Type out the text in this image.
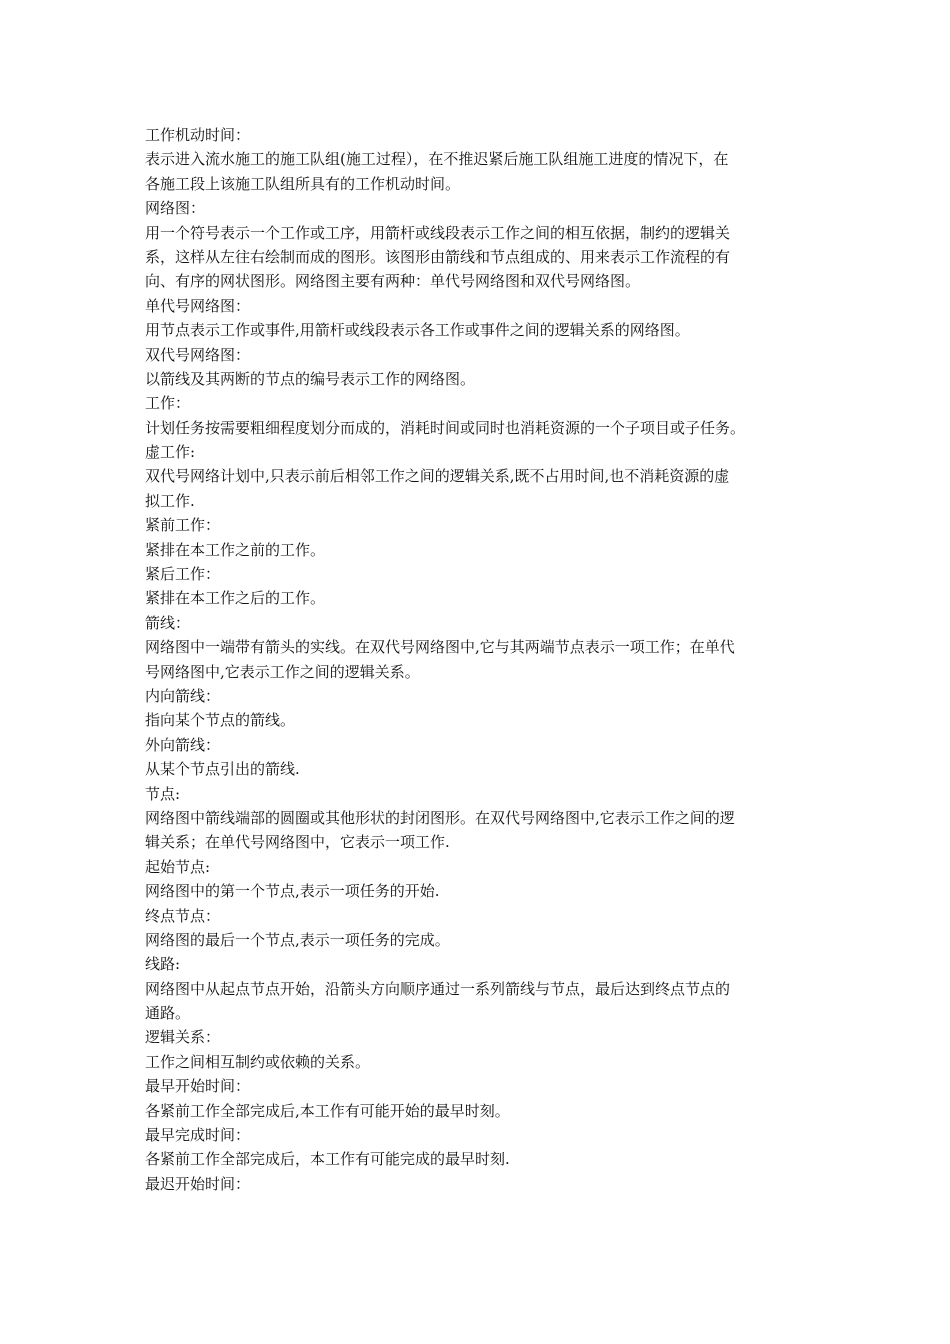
工作机动时间：
表示进入流水施工的施工队组(施工过程），在不推迟紧后施工队组施工进度的情况下，在
各施工段上该施工队组所具有的工作机动时间。
网络图：
用一个符号表示一个工作或工序，用箭杆或线段表示工作之间的相互依据，制约的逻辑关
系，这样从左往右绘制而成的图形。该图形由箭线和节点组成的、用来表示工作流程的有
向、有序的网状图形。网络图主要有两种：单代号网络图和双代号网络图。
单代号网络图：
用节点表示工作或事件,用箭杆或线段表示各工作或事件之间的逻辑关系的网络图。
双代号网络图：
以箭线及其两断的节点的编号表示工作的网络图。
工作：
计划任务按需要粗细程度划分而成的，消耗时间或同时也消耗资源的一个子项目或子任务。
虚工作:
双代号网络计划中,只表示前后相邻工作之间的逻辑关系,既不占用时间,也不消耗资源的虚
拟工作.
紧前工作：
紧排在本工作之前的工作。
紧后工作：
紧排在本工作之后的工作。
箭线：
网络图中一端带有箭头的实线。在双代号网络图中,它与其两端节点表示一项工作；在单代
号网络图中,它表示工作之间的逻辑关系。
内向箭线：
指向某个节点的箭线。
外向箭线：
从某个节点引出的箭线.
节点:
网络图中箭线端部的圆圈或其他形状的封闭图形。在双代号网络图中,它表示工作之间的逻
辑关系；在单代号网络图中，它表示一项工作.
起始节点:
网络图中的第一个节点,表示一项任务的开始.
终点节点：
网络图的最后一个节点,表示一项任务的完成。
线路:
网络图中从起点节点开始，沿箭头方向顺序通过一系列箭线与节点，最后达到终点节点的
通路。
逻辑关系：
工作之间相互制约或依赖的关系。
最早开始时间：
各紧前工作全部完成后,本工作有可能开始的最早时刻。
最早完成时间：
各紧前工作全部完成后，本工作有可能完成的最早时刻.
最迟开始时间：
